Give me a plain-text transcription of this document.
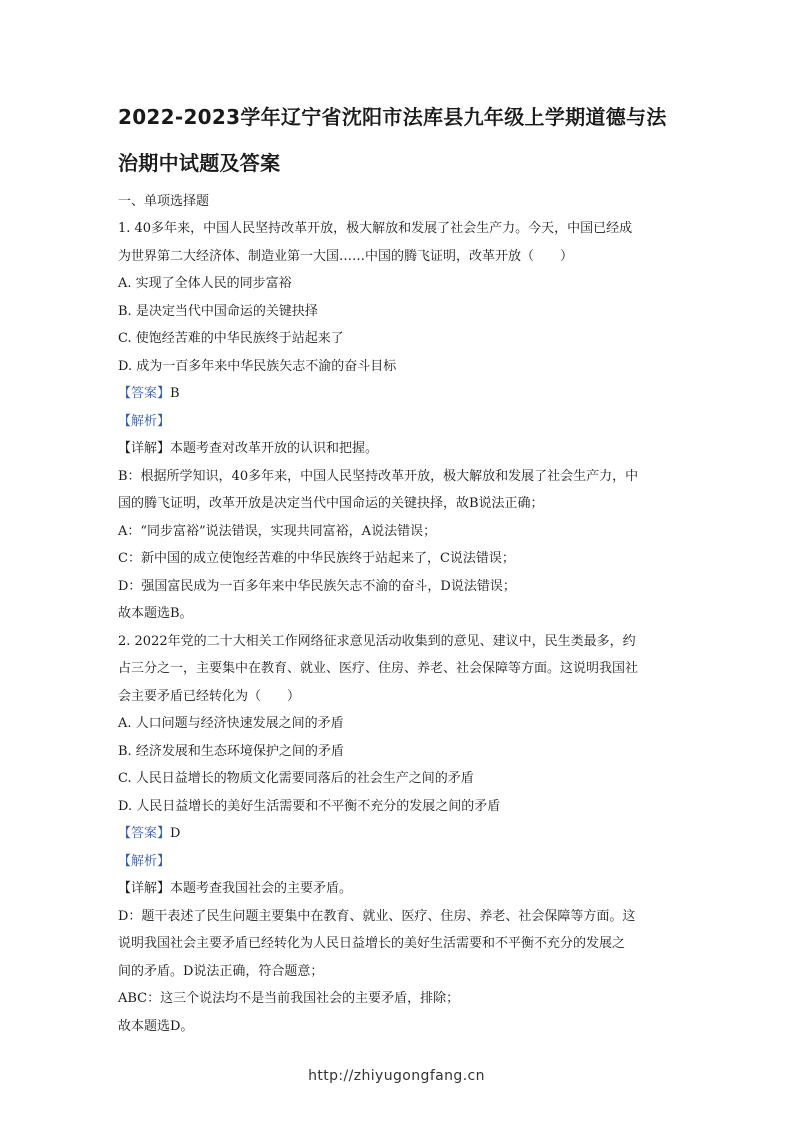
2022-2023学年辽宁省沈阳市法库县九年级上学期道德与法
治期中试题及答案
一、单项选择题

1. 40多年来，中国人民坚持改革开放，极大解放和发展了社会生产力。今天，中国已经成

为世界第二大经济体、制造业第一大国……中国的腾飞证明，改革开放（　　）

A. 实现了全体人民的同步富裕

B. 是决定当代中国命运的关键抉择

C. 使饱经苦难的中华民族终于站起来了

D. 成为一百多年来中华民族矢志不渝的奋斗目标

【答案】B

【解析】

【详解】本题考查对改革开放的认识和把握。

B：根据所学知识，40多年来，中国人民坚持改革开放，极大解放和发展了社会生产力，中

国的腾飞证明，改革开放是决定当代中国命运的关键抉择，故B说法正确；

A：“同步富裕”说法错误，实现共同富裕，A说法错误；

C：新中国的成立使饱经苦难的中华民族终于站起来了，C说法错误；

D：强国富民成为一百多年来中华民族矢志不渝的奋斗，D说法错误；

故本题选B。

2. 2022年党的二十大相关工作网络征求意见活动收集到的意见、建议中，民生类最多，约

占三分之一，主要集中在教育、就业、医疗、住房、养老、社会保障等方面。这说明我国社

会主要矛盾已经转化为（　　）

A. 人口问题与经济快速发展之间的矛盾

B. 经济发展和生态环境保护之间的矛盾

C. 人民日益增长的物质文化需要同落后的社会生产之间的矛盾

D. 人民日益增长的美好生活需要和不平衡不充分的发展之间的矛盾

【答案】D

【解析】

【详解】本题考查我国社会的主要矛盾。

D：题干表述了民生问题主要集中在教育、就业、医疗、住房、养老、社会保障等方面。这

说明我国社会主要矛盾已经转化为人民日益增长的美好生活需要和不平衡不充分的发展之

间的矛盾。D说法正确，符合题意；

ABC：这三个说法均不是当前我国社会的主要矛盾，排除；

故本题选D。

http://zhiyugongfang.cn
